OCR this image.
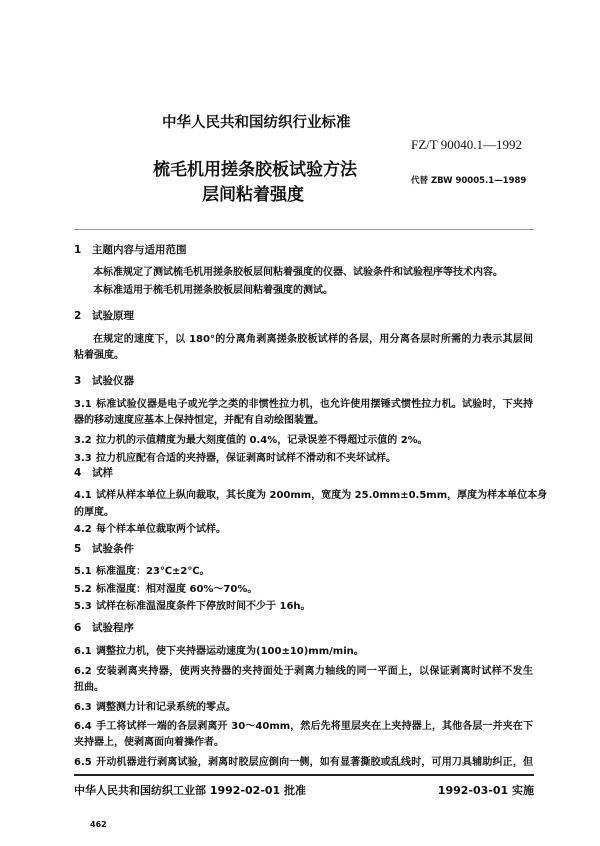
中华人民共和国纺织行业标准
FZ/T 90040.1—1992
梳毛机用搓条胶板试验方法
层间粘着强度
代替 ZBW 90005.1—1989
1 主题内容与适用范围
本标准规定了测试梳毛机用搓条胶板层间粘着强度的仪器、试验条件和试验程序等技术内容。
本标准适用于梳毛机用搓条胶板层间粘着强度的测试。
2 试验原理
在规定的速度下，以 180°的分离角剥离搓条胶板试样的各层，用分离各层时所需的力表示其层间
粘着强度。
3 试验仪器
3.1 标准试验仪器是电子或光学之类的非惯性拉力机，也允许使用摆锤式惯性拉力机。试验时，下夹持
器的移动速度应基本上保持恒定，并配有自动绘图装置。
3.2 拉力机的示值精度为最大刻度值的 0.4%，记录误差不得超过示值的 2%。
3.3 拉力机应配有合适的夹持器，保证剥离时试样不滑动和不夹坏试样。
4 试样
4.1 试样从样本单位上纵向裁取，其长度为 200mm，宽度为 25.0mm±0.5mm，厚度为样本单位本身
的厚度。
4.2 每个样本单位裁取两个试样。
5 试验条件
5.1 标准温度：23℃±2℃。
5.2 标准湿度：相对湿度 60%～70%。
5.3 试样在标准温湿度条件下停放时间不少于 16h。
6 试验程序
6.1 调整拉力机，使下夹持器运动速度为(100±10)mm/min。
6.2 安装剥离夹持器，使两夹持器的夹持面处于剥离力轴线的同一平面上，以保证剥离时试样不发生
扭曲。
6.3 调整测力计和记录系统的零点。
6.4 手工将试样一端的各层剥离开 30～40mm，然后先将里层夹在上夹持器上，其他各层一并夹在下
夹持器上，使剥离面向着操作者。
6.5 开动机器进行剥离试验，剥离时胶层应倒向一侧，如有显著撕胶或乱线时，可用刀具辅助纠正，但
中华人民共和国纺织工业部 1992-02-01 批准	1992-03-01 实施
462
